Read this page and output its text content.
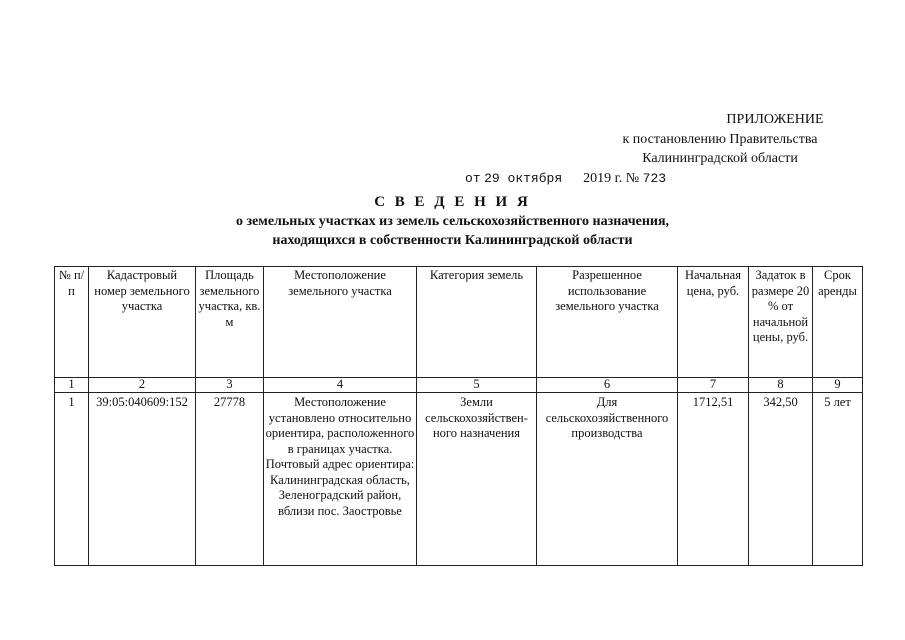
ПРИЛОЖЕНИЕ
к постановлению Правительства
Калининградской области
от 29 октября 2019 г. № 723
С В Е Д Е Н И Я
о земельных участках из земель сельскохозяйственного назначения,
находящихся в собственности Калининградской области
№ п/п	Кадастровый номер земельного участка	Площадь земельного участка, кв. м	Местоположение земельного участка	Категория земель	Разрешенное использование земельного участка	Начальная цена, руб.	Задаток в размере 20 % от начальной цены, руб.	Срок аренды
1	2	3	4	5	6	7	8	9
1	39:05:040609:152	27778	Местоположение установлено относительно ориентира, расположенного в границах участка. Почтовый адрес ориентира: Калининградская область, Зеленоградский район, вблизи пос. Заостровье	Земли сельскохозяйствен-ного назначения	Для сельскохозяйственного производства	1712,51	342,50	5 лет
